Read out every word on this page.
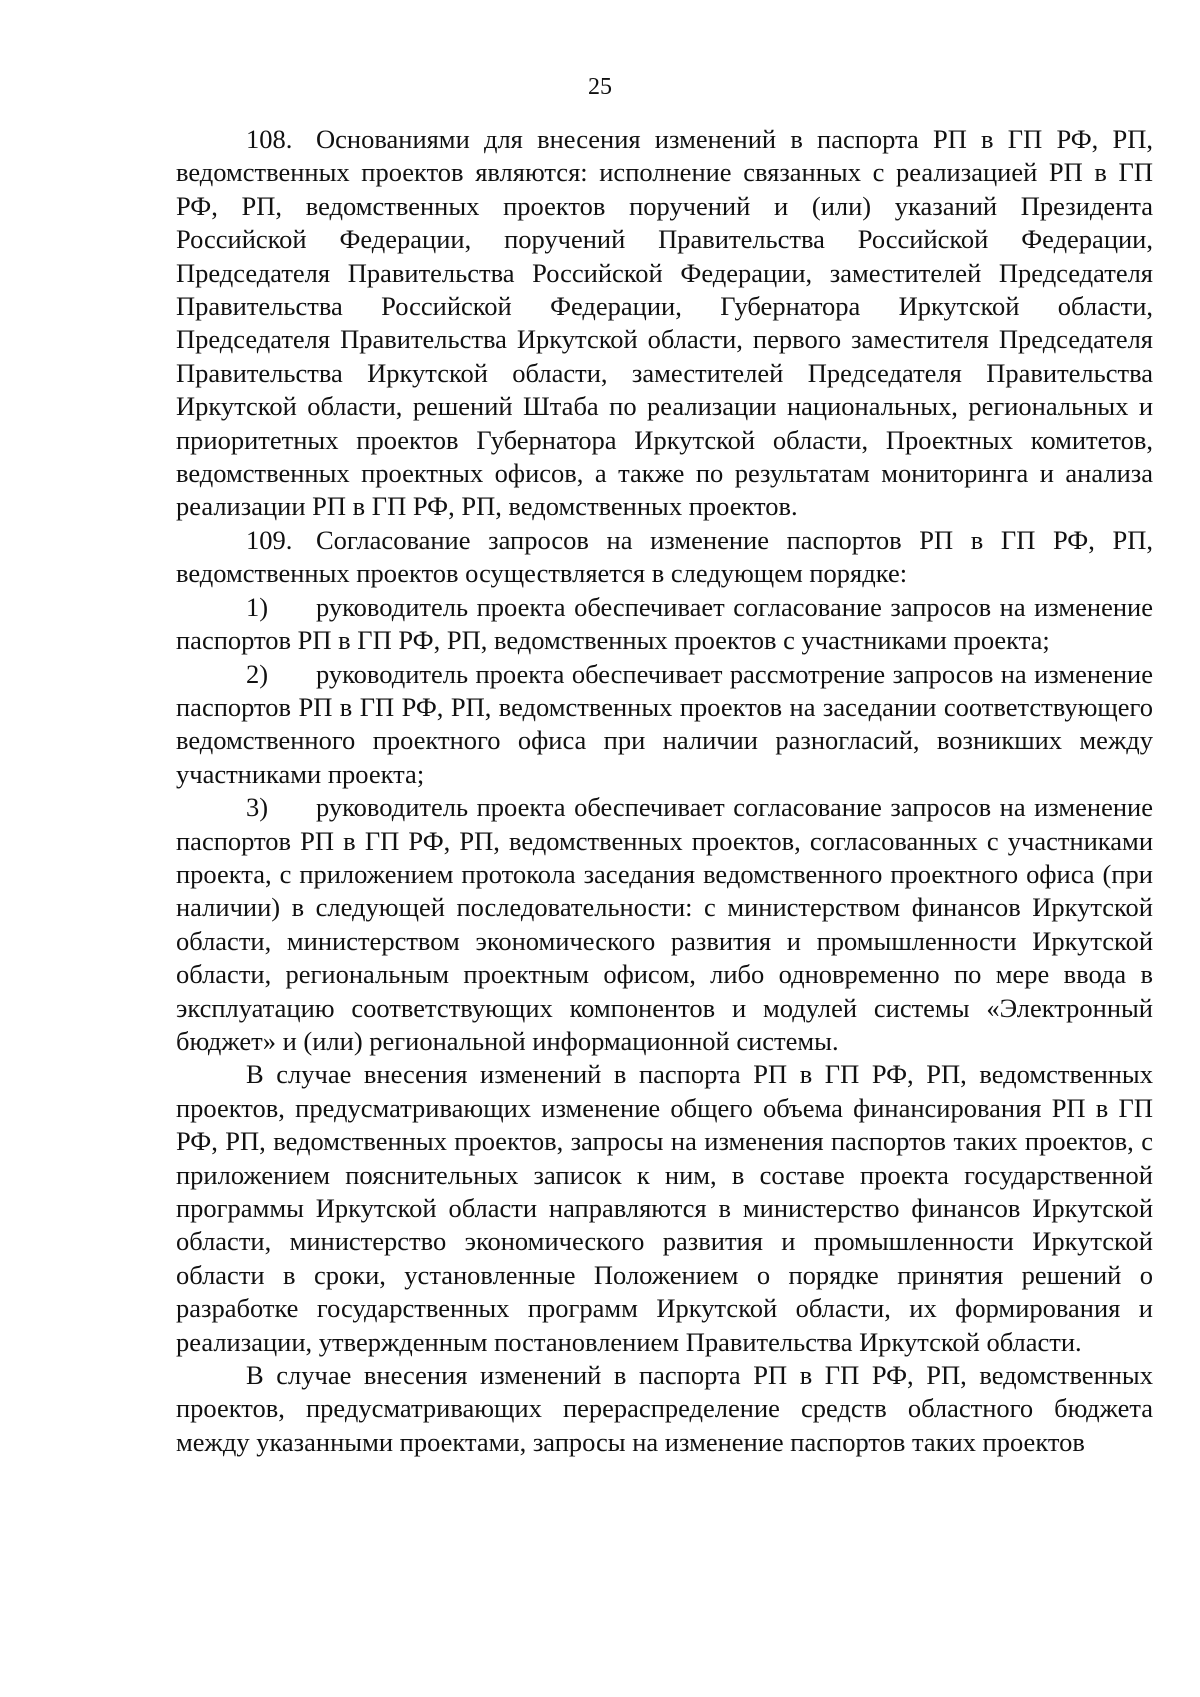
25

108. Основаниями для внесения изменений в паспорта РП в ГП РФ, РП, ведомственных проектов являются: исполнение связанных с реализацией РП в ГП РФ, РП, ведомственных проектов поручений и (или) указаний Президента Российской Федерации, поручений Правительства Российской Федерации, Председателя Правительства Российской Федерации, заместителей Председателя Правительства Российской Федерации, Губернатора Иркутской области, Председателя Правительства Иркутской области, первого заместителя Председателя Правительства Иркутской области, заместителей Председателя Правительства Иркутской области, решений Штаба по реализации национальных, региональных и приоритетных проектов Губернатора Иркутской области, Проектных комитетов, ведомственных проектных офисов, а также по результатам мониторинга и анализа реализации РП в ГП РФ, РП, ведомственных проектов.

109. Согласование запросов на изменение паспортов РП в ГП РФ, РП, ведомственных проектов осуществляется в следующем порядке:

1) руководитель проекта обеспечивает согласование запросов на изменение паспортов РП в ГП РФ, РП, ведомственных проектов с участниками проекта;

2) руководитель проекта обеспечивает рассмотрение запросов на изменение паспортов РП в ГП РФ, РП, ведомственных проектов на заседании соответствующего ведомственного проектного офиса при наличии разногласий, возникших между участниками проекта;

3) руководитель проекта обеспечивает согласование запросов на изменение паспортов РП в ГП РФ, РП, ведомственных проектов, согласованных с участниками проекта, с приложением протокола заседания ведомственного проектного офиса (при наличии) в следующей последовательности: с министерством финансов Иркутской области, министерством экономического развития и промышленности Иркутской области, региональным проектным офисом, либо одновременно по мере ввода в эксплуатацию соответствующих компонентов и модулей системы «Электронный бюджет» и (или) региональной информационной системы.

В случае внесения изменений в паспорта РП в ГП РФ, РП, ведомственных проектов, предусматривающих изменение общего объема финансирования РП в ГП РФ, РП, ведомственных проектов, запросы на изменения паспортов таких проектов, с приложением пояснительных записок к ним, в составе проекта государственной программы Иркутской области направляются в министерство финансов Иркутской области, министерство экономического развития и промышленности Иркутской области в сроки, установленные Положением о порядке принятия решений о разработке государственных программ Иркутской области, их формирования и реализации, утвержденным постановлением Правительства Иркутской области.

В случае внесения изменений в паспорта РП в ГП РФ, РП, ведомственных проектов, предусматривающих перераспределение средств областного бюджета между указанными проектами, запросы на изменение паспортов таких проектов
